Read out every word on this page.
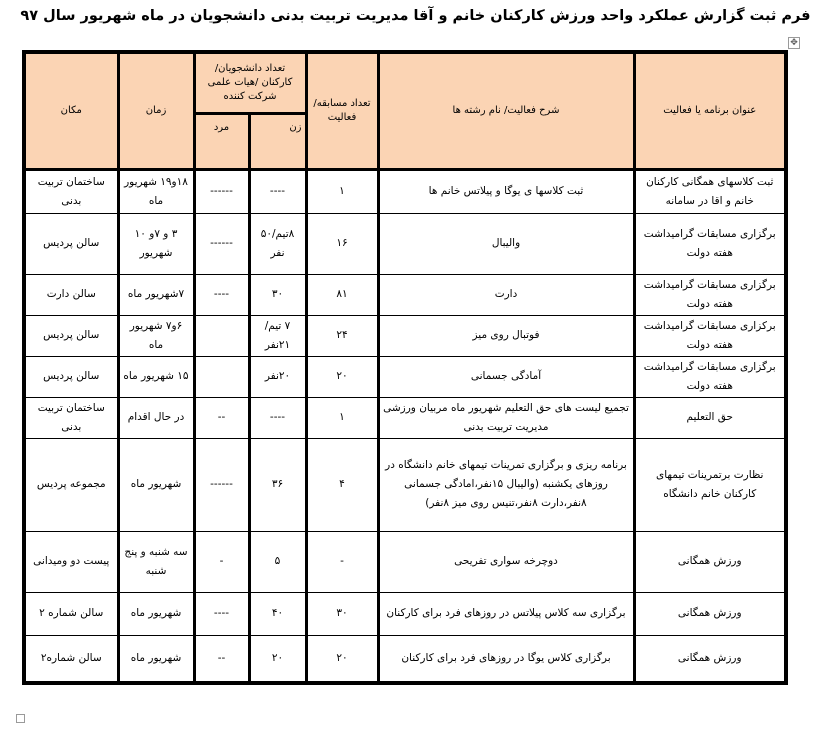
فرم ثبت گزارش عملکرد واحد ورزش کارکنان خانم و آقا مدیریت تربیت بدنی دانشجویان در ماه شهریور سال ۹۷
✥
عنوان برنامه یا فعالیت	شرح فعالیت/ نام رشته ها	تعداد مسابقه/ فعالیت	تعداد دانشجویان/ کارکنان /هیات علمی شرکت کننده		زمان	مکان
			زن	مرد		
ثبت کلاسهای همگانی کارکنان خانم و اقا در سامانه	ثبت کلاسها ی یوگا و پیلاتس خانم ها	۱	----	------	۱۸و۱۹ شهریور ماه	ساختمان تربیت بدنی
برگزاری مسابقات گرامیداشت هفته دولت	والیبال	۱۶	۸تیم/۵۰ نفر	------	۳ و ۷و ۱۰ شهریور	سالن پردیس
برگزاری مسابقات گرامیداشت هفته دولت	دارت	۸۱	۳۰	----	۷شهریور ماه	سالن دارت
برکزاری مسابقات گرامیداشت هفته دولت	فوتبال روی میز	۲۴	۷ تیم/ ۲۱نفر		۶و۷ شهریور ماه	سالن پردیس
برگزاری مسابقات گرامیداشت هفته دولت	آمادگی جسمانی	۲۰	۲۰نفر		۱۵ شهریور ماه	سالن پردیس
حق التعلیم	تجمیع لیست های حق التعلیم شهریور ماه مربیان ورزشی مدیریت تربیت بدنی	۱	----	--	در حال اقدام	ساختمان تربیت بدنی
نظارت برتمرینات تیمهای کارکنان خانم دانشگاه	برنامه ریزی و برگزاری تمرینات تیمهای خانم دانشگاه در روزهای یکشنبه (والیبال ۱۵نفر،امادگی جسمانی ۸نفر،دارت ۸نفر،تنیس روی میز ۸نفر)	۴	۳۶	------	شهریور ماه	مجموعه پردیس
ورزش همگانی	دوچرخه سواری تفریحی	-	۵	-	سه شنبه و پنج شنبه	پیست دو ومیدانی
ورزش همگانی	برگزاری سه کلاس پیلاتس در روزهای فرد برای کارکنان	۳۰	۴۰	----	شهریور ماه	سالن شماره ۲
ورزش همگانی	برگزاری کلاس یوگا در روزهای فرد برای کارکنان	۲۰	۲۰	--	شهریور ماه	سالن شماره۲
